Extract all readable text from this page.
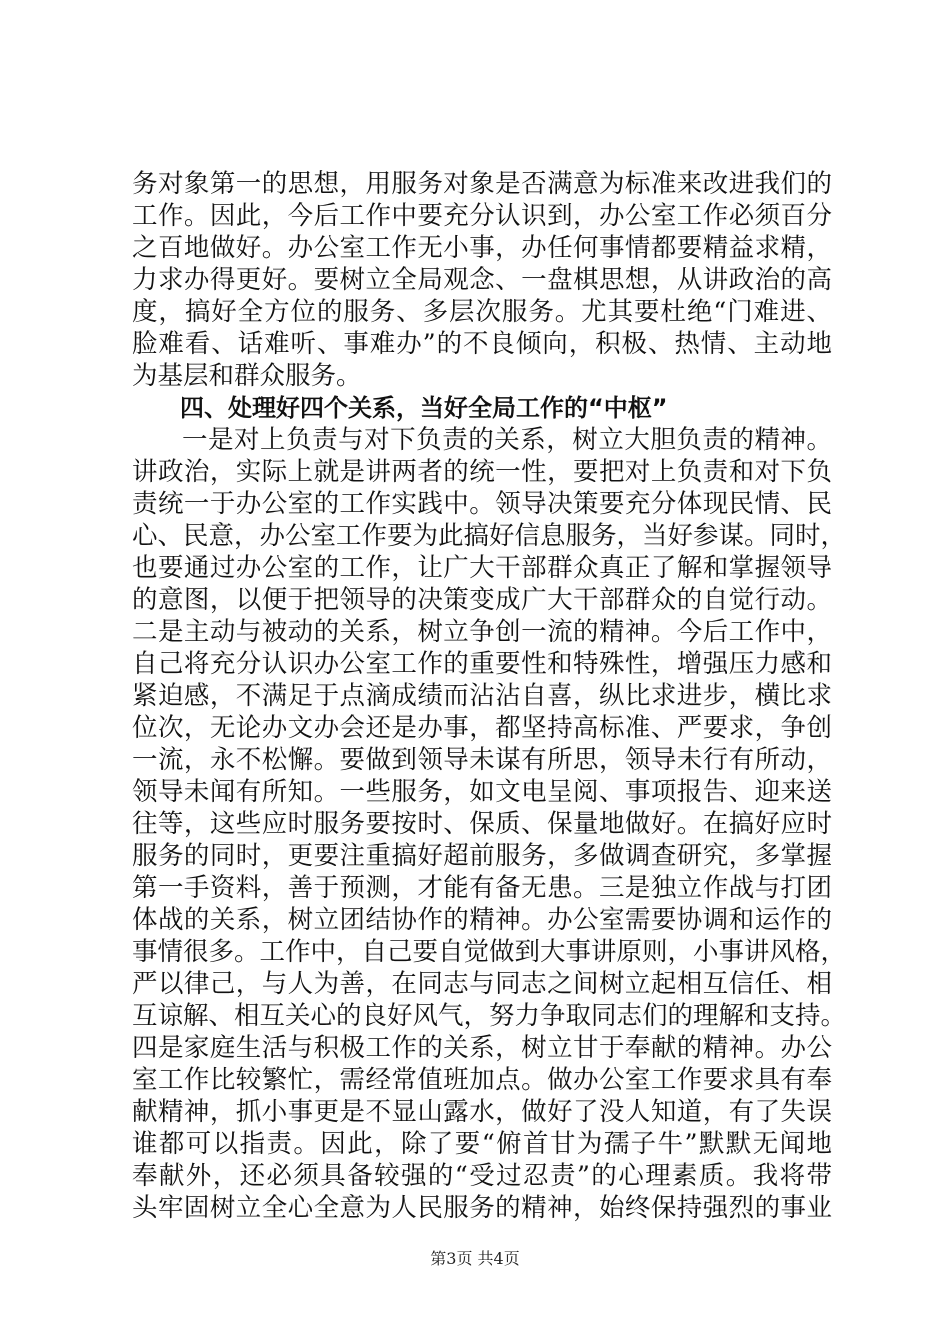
务对象第一的思想，用服务对象是否满意为标准来改进我们的
工作。因此，今后工作中要充分认识到，办公室工作必须百分
之百地做好。办公室工作无小事，办任何事情都要精益求精，
力求办得更好。要树立全局观念、一盘棋思想，从讲政治的高
度，搞好全方位的服务、多层次服务。尤其要杜绝“门难进、
脸难看、话难听、事难办”的不良倾向，积极、热情、主动地
为基层和群众服务。
四、处理好四个关系，当好全局工作的“中枢”
一是对上负责与对下负责的关系，树立大胆负责的精神。
讲政治，实际上就是讲两者的统一性，要把对上负责和对下负
责统一于办公室的工作实践中。领导决策要充分体现民情、民
心、民意，办公室工作要为此搞好信息服务，当好参谋。同时，
也要通过办公室的工作，让广大干部群众真正了解和掌握领导
的意图，以便于把领导的决策变成广大干部群众的自觉行动。
二是主动与被动的关系，树立争创一流的精神。今后工作中，
自己将充分认识办公室工作的重要性和特殊性，增强压力感和
紧迫感，不满足于点滴成绩而沾沾自喜，纵比求进步，横比求
位次，无论办文办会还是办事，都坚持高标准、严要求，争创
一流，永不松懈。要做到领导未谋有所思，领导未行有所动，
领导未闻有所知。一些服务，如文电呈阅、事项报告、迎来送
往等，这些应时服务要按时、保质、保量地做好。在搞好应时
服务的同时，更要注重搞好超前服务，多做调查研究，多掌握
第一手资料，善于预测，才能有备无患。三是独立作战与打团
体战的关系，树立团结协作的精神。办公室需要协调和运作的
事情很多。工作中，自己要自觉做到大事讲原则，小事讲风格，
严以律己，与人为善，在同志与同志之间树立起相互信任、相
互谅解、相互关心的良好风气，努力争取同志们的理解和支持。
四是家庭生活与积极工作的关系，树立甘于奉献的精神。办公
室工作比较繁忙，需经常值班加点。做办公室工作要求具有奉
献精神，抓小事更是不显山露水，做好了没人知道，有了失误
谁都可以指责。因此，除了要“俯首甘为孺子牛”默默无闻地
奉献外，还必须具备较强的“受过忍责”的心理素质。我将带
头牢固树立全心全意为人民服务的精神，始终保持强烈的事业
第3页 共4页
